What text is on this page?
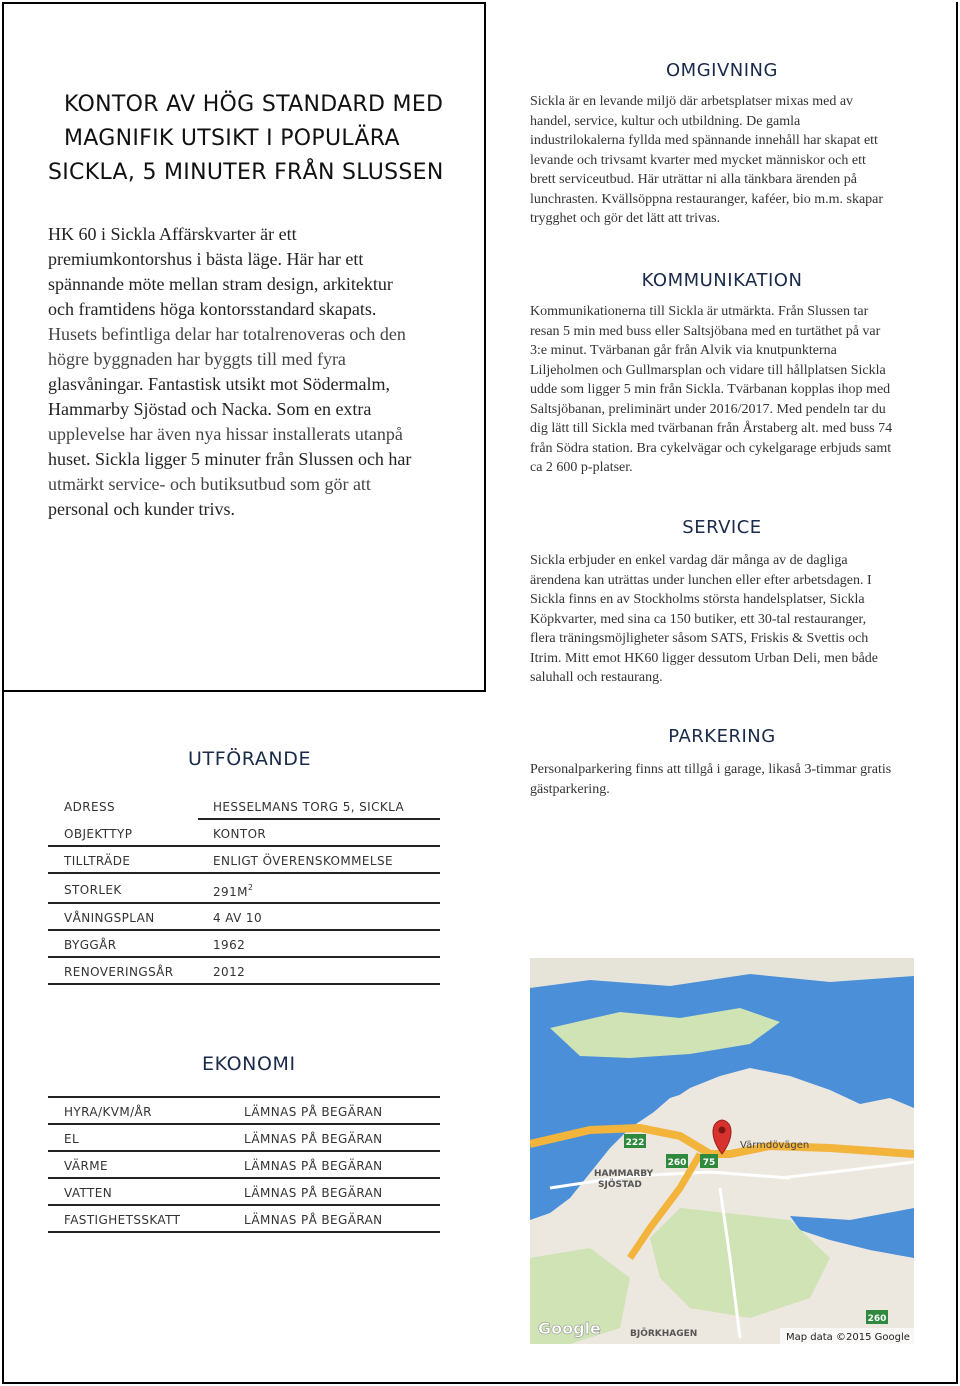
KONTOR AV HÖG STANDARD MED
MAGNIFIK UTSIKT I POPULÄRA
SICKLA, 5 MINUTER FRÅN SLUSSEN

HK 60 i Sickla Affärskvarter är ett
premiumkontorshus i bästa läge. Här har ett
spännande möte mellan stram design, arkitektur
och framtidens höga kontorsstandard skapats.
Husets befintliga delar har totalrenoveras och den
högre byggnaden har byggts till med fyra
glasvåningar. Fantastisk utsikt mot Södermalm,
Hammarby Sjöstad och Nacka. Som en extra
upplevelse har även nya hissar installerats utanpå
huset. Sickla ligger 5 minuter från Slussen och har
utmärkt service- och butiksutbud som gör att
personal och kunder trivs.

OMGIVNING

Sickla är en levande miljö där arbetsplatser mixas med av
handel, service, kultur och utbildning. De gamla
industrilokalerna fyllda med spännande innehåll har skapat ett
levande och trivsamt kvarter med mycket människor och ett
brett serviceutbud. Här uträttar ni alla tänkbara ärenden på
lunchrasten. Kvällsöppna restauranger, kaféer, bio m.m. skapar
trygghet och gör det lätt att trivas.

KOMMUNIKATION

Kommunikationerna till Sickla är utmärkta. Från Slussen tar
resan 5 min med buss eller Saltsjöbana med en turtäthet på var
3:e minut. Tvärbanan går från Alvik via knutpunkterna
Liljeholmen och Gullmarsplan och vidare till hållplatsen Sickla
udde som ligger 5 min från Sickla. Tvärbanan kopplas ihop med
Saltsjöbanan, preliminärt under 2016/2017. Med pendeln tar du
dig lätt till Sickla med tvärbanan från Årstaberg alt. med buss 74
från Södra station. Bra cykelvägar och cykelgarage erbjuds samt
ca 2 600 p-platser.

SERVICE

Sickla erbjuder en enkel vardag där många av de dagliga
ärendena kan uträttas under lunchen eller efter arbetsdagen. I
Sickla finns en av Stockholms största handelsplatser, Sickla
Köpkvarter, med sina ca 150 butiker, ett 30-tal restauranger,
flera träningsmöjligheter såsom SATS, Friskis & Svettis och
Itrim. Mitt emot HK60 ligger dessutom Urban Deli, men både
saluhall och restaurang.

PARKERING

Personalparkering finns att tillgå i garage, likaså 3-timmar gratis
gästparkering.

UTFÖRANDE
ADRESS	HESSELMANS TORG 5, SICKLA
OBJEKTTYP	KONTOR
TILLTRÄDE	ENLIGT ÖVERENSKOMMELSE
STORLEK	$291M^2$
VÅNINGSPLAN	4 AV 10
BYGGÅR	1962
RENOVERINGSÅR	2012
EKONOMI
HYRA/KVM/ÅR	LÄMNAS PÅ BEGÄRAN
EL	LÄMNAS PÅ BEGÄRAN
VÄRME	LÄMNAS PÅ BEGÄRAN
VATTEN	LÄMNAS PÅ BEGÄRAN
FASTIGHETSSKATT	LÄMNAS PÅ BEGÄRAN
222
260 75
260
Värmdövägen
HAMMARBY
SJÖSTAD
BJÖRKHAGEN
Google	Map data ©2015 Google
